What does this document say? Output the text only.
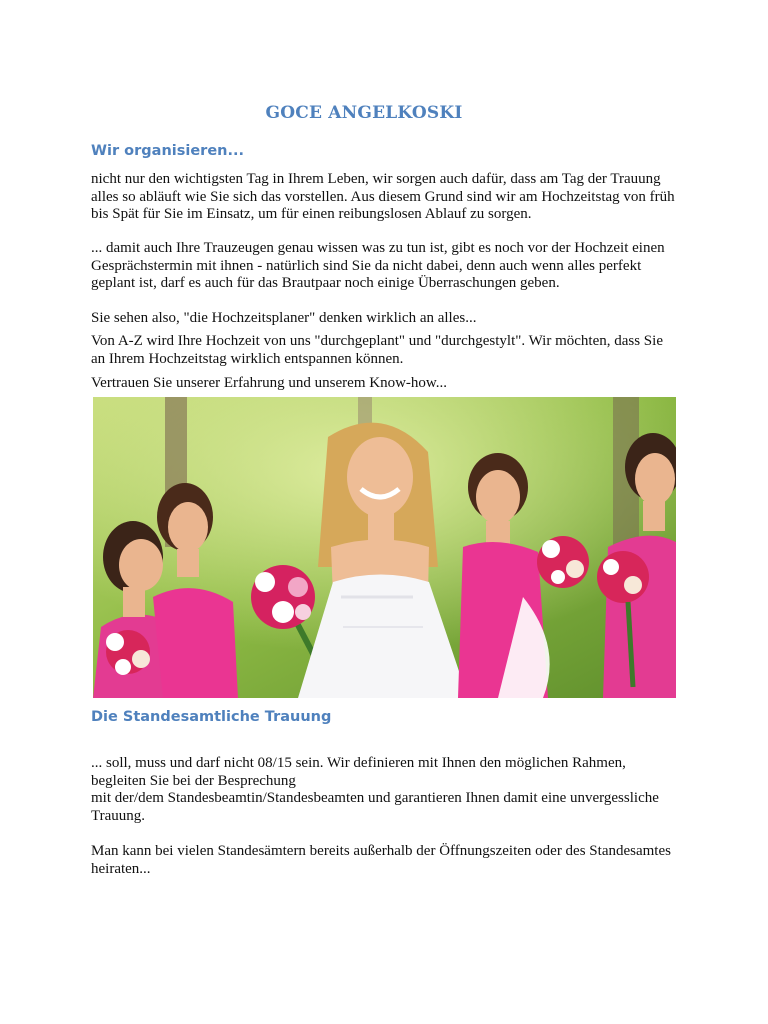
GOCE ANGELKOSKI
Wir organisieren...

nicht nur den wichtigsten Tag in Ihrem Leben, wir sorgen auch dafür, dass am Tag der Trauung
alles so abläuft wie Sie sich das vorstellen. Aus diesem Grund sind wir am Hochzeitstag von früh
bis Spät für Sie im Einsatz, um für einen reibungslosen Ablauf zu sorgen.

... damit auch Ihre Trauzeugen genau wissen was zu tun ist, gibt es noch vor der Hochzeit einen
Gesprächstermin mit ihnen - natürlich sind Sie da nicht dabei, denn auch wenn alles perfekt
geplant ist, darf es auch für das Brautpaar noch einige Überraschungen geben.

Sie sehen also, "die Hochzeitsplaner" denken wirklich an alles...

Von A-Z wird Ihre Hochzeit von uns "durchgeplant" und "durchgestylt". Wir möchten, dass Sie
an Ihrem Hochzeitstag wirklich entspannen können.

Vertrauen Sie unserer Erfahrung und unserem Know-how...

Die Standesamtliche Trauung

... soll, muss und darf nicht 08/15 sein. Wir definieren mit Ihnen den möglichen Rahmen,
begleiten Sie bei der Besprechung
mit der/dem Standesbeamtin/Standesbeamten und garantieren Ihnen damit eine unvergessliche
Trauung.

Man kann bei vielen Standesämtern bereits außerhalb der Öffnungszeiten oder des Standesamtes
heiraten...
